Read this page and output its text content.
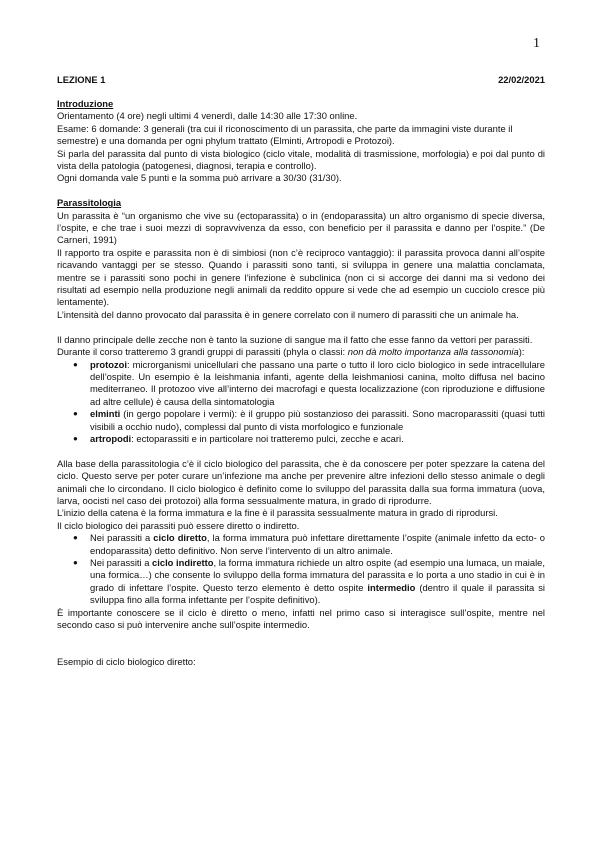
1
LEZIONE 1	22/02/2021

Introduzione

Orientamento (4 ore) negli ultimi 4 venerdì, dalle 14:30 alle 17:30 online.

Esame: 6 domande: 3 generali (tra cui il riconoscimento di un parassita, che parte da immagini viste durante il semestre) e una domanda per ogni phylum trattato (Elminti, Artropodi e Protozoi).

Si parla del parassita dal punto di vista biologico (ciclo vitale, modalità di trasmissione, morfologia) e poi dal punto di vista della patologia (patogenesi, diagnosi, terapia e controllo).

Ogni domanda vale 5 punti e la somma può arrivare a 30/30 (31/30).

Parassitologia

Un parassita è “un organismo che vive su (ectoparassita) o in (endoparassita) un altro organismo di specie diversa, l’ospite, e che trae i suoi mezzi di sopravvivenza da esso, con beneficio per il parassita e danno per l’ospite.” (De Carneri, 1991)

Il rapporto tra ospite e parassita non è di simbiosi (non c’è reciproco vantaggio): il parassita provoca danni all’ospite ricavando vantaggi per se stesso. Quando i parassiti sono tanti, si sviluppa in genere una malattia conclamata, mentre se i parassiti sono pochi in genere l’infezione è subclinica (non ci si accorge dei danni ma si vedono dei risultati ad esempio nella produzione negli animali da reddito oppure si vede che ad esempio un cucciolo cresce più lentamente).

L’intensità del danno provocato dal parassita è in genere correlato con il numero di parassiti che un animale ha.

Il danno principale delle zecche non è tanto la suzione di sangue ma il fatto che esse fanno da vettori per parassiti.

Durante il corso tratteremo 3 grandi gruppi di parassiti (phyla o classi: non dà molto importanza alla tassonomia):

● protozoi: microrganismi unicellulari che passano una parte o tutto il loro ciclo biologico in sede intracellulare dell’ospite. Un esempio è la leishmania infanti, agente della leishmaniosi canina, molto diffusa nel bacino mediterraneo. Il protozoo vive all’interno dei macrofagi e questa localizzazione (con riproduzione e diffusione ad altre cellule) è causa della sintomatologia
● elminti (in gergo popolare i vermi): è il gruppo più sostanzioso dei parassiti. Sono macroparassiti (quasi tutti visibili a occhio nudo), complessi dal punto di vista morfologico e funzionale
● artropodi: ectoparassiti e in particolare noi tratteremo pulci, zecche e acari.

Alla base della parassitologia c’è il ciclo biologico del parassita, che è da conoscere per poter spezzare la catena del ciclo. Questo serve per poter curare un’infezione ma anche per prevenire altre infezioni dello stesso animale o degli animali che lo circondano. Il ciclo biologico è definito come lo sviluppo del parassita dalla sua forma immatura (uova, larva, oocisti nel caso dei protozoi) alla forma sessualmente matura, in grado di riprodurre.

L’inizio della catena è la forma immatura e la fine è il parassita sessualmente matura in grado di riprodursi.

Il ciclo biologico dei parassiti può essere diretto o indiretto.

● Nei parassiti a ciclo diretto, la forma immatura può infettare direttamente l’ospite (animale infetto da ecto- o endoparassita) detto definitivo. Non serve l’intervento di un altro animale.
● Nei parassiti a ciclo indiretto, la forma immatura richiede un altro ospite (ad esempio una lumaca, un maiale, una formica…) che consente lo sviluppo della forma immatura del parassita e lo porta a uno stadio in cui è in grado di infettare l’ospite. Questo terzo elemento è detto ospite intermedio (dentro il quale il parassita si sviluppa fino alla forma infettante per l’ospite definitivo).

È importante conoscere se il ciclo è diretto o meno, infatti nel primo caso si interagisce sull’ospite, mentre nel secondo caso si può intervenire anche sull’ospite intermedio.

Esempio di ciclo biologico diretto:
